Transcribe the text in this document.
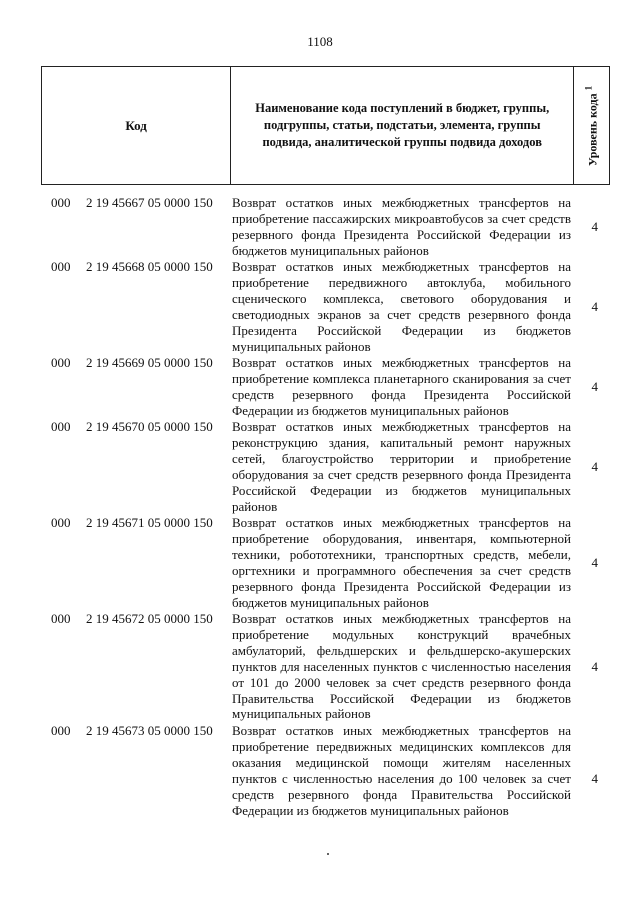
1108
Код
Наименование кода поступлений в бюджет, группы, подгруппы, статьи, подстатьи, элемента, группы подвида, аналитической группы подвида доходов	Уровень кода $^1$
000 2 19 45667 05 0000 150 Возврат остатков иных межбюджетных трансфертов на приобретение пассажирских микроавтобусов за счет средств резервного фонда Президента Российской Федерации из бюджетов муниципальных районов
4
000 2 19 45668 05 0000 150 Возврат остатков иных межбюджетных трансфертов на приобретение передвижного автоклуба, мобильного сценического комплекса, светового оборудования и светодиодных экранов за счет средств резервного фонда Президента Российской Федерации из бюджетов муниципальных районов
4
000 2 19 45669 05 0000 150 Возврат остатков иных межбюджетных трансфертов на приобретение комплекса планетарного сканирования за счет средств резервного фонда Президента Российской Федерации из бюджетов муниципальных районов
4
000 2 19 45670 05 0000 150 Возврат остатков иных межбюджетных трансфертов на реконструкцию здания, капитальный ремонт наружных сетей, благоустройство территории и приобретение оборудования за счет средств резервного фонда Президента Российской Федерации из бюджетов муниципальных районов
4
000 2 19 45671 05 0000 150 Возврат остатков иных межбюджетных трансфертов на приобретение оборудования, инвентаря, компьютерной техники, робототехники, транспортных средств, мебели, оргтехники и программного обеспечения за счет средств резервного фонда Президента Российской Федерации из бюджетов муниципальных районов
4
000 2 19 45672 05 0000 150 Возврат остатков иных межбюджетных трансфертов на приобретение модульных конструкций врачебных амбулаторий, фельдшерских и фельдшерско-акушерских пунктов для населенных пунктов с численностью населения от 101 до 2000 человек за счет средств резервного фонда Правительства Российской Федерации из бюджетов муниципальных районов
4
000 2 19 45673 05 0000 150 Возврат остатков иных межбюджетных трансфертов на приобретение передвижных медицинских комплексов для оказания медицинской помощи жителям населенных пунктов с численностью населения до 100 человек за счет средств резервного фонда Правительства Российской Федерации из бюджетов муниципальных районов
4
